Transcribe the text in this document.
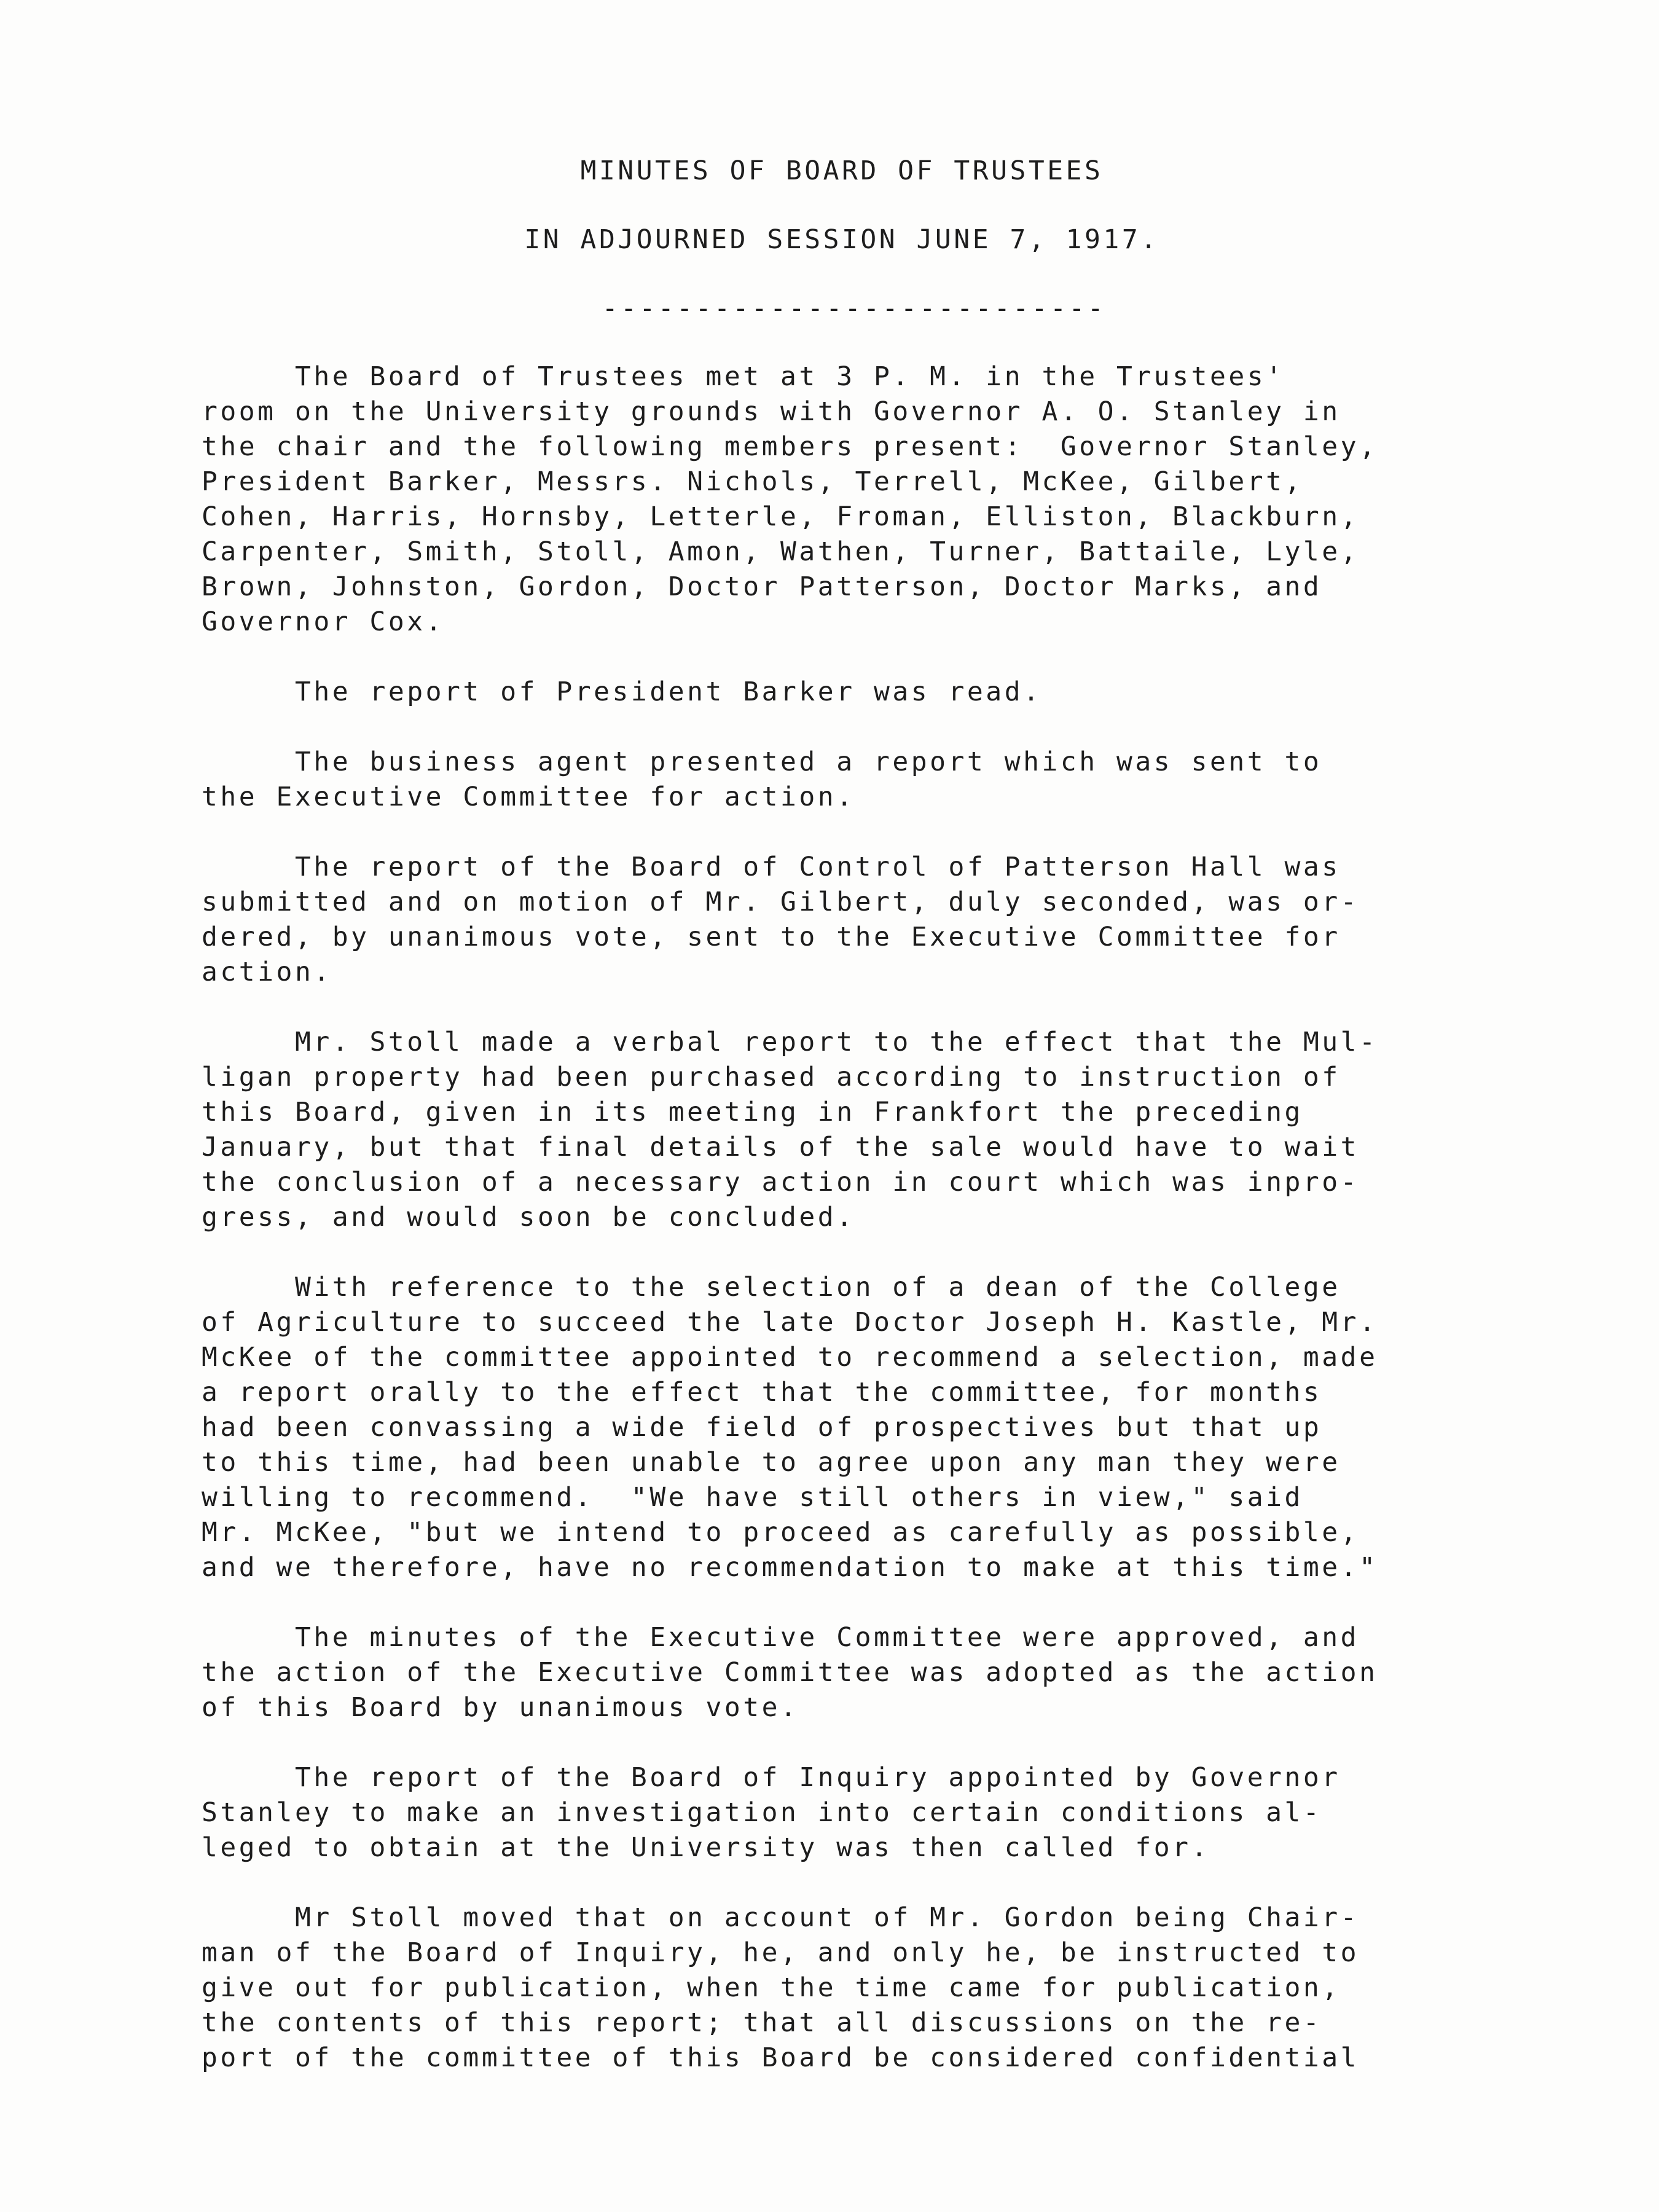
MINUTES OF BOARD OF TRUSTEES
IN ADJOURNED SESSION JUNE 7, 1917.
---------------------------
The Board of Trustees met at 3 P. M. in the Trustees'
room on the University grounds with Governor A. O. Stanley in
the chair and the following members present:  Governor Stanley,
President Barker, Messrs. Nichols, Terrell, McKee, Gilbert,
Cohen, Harris, Hornsby, Letterle, Froman, Elliston, Blackburn,
Carpenter, Smith, Stoll, Amon, Wathen, Turner, Battaile, Lyle,
Brown, Johnston, Gordon, Doctor Patterson, Doctor Marks, and
Governor Cox.
The report of President Barker was read.
The business agent presented a report which was sent to
the Executive Committee for action.
The report of the Board of Control of Patterson Hall was
submitted and on motion of Mr. Gilbert, duly seconded, was or-
dered, by unanimous vote, sent to the Executive Committee for
action.
Mr. Stoll made a verbal report to the effect that the Mul-
ligan property had been purchased according to instruction of
this Board, given in its meeting in Frankfort the preceding
January, but that final details of the sale would have to wait
the conclusion of a necessary action in court which was inpro-
gress, and would soon be concluded.
With reference to the selection of a dean of the College
of Agriculture to succeed the late Doctor Joseph H. Kastle, Mr.
McKee of the committee appointed to recommend a selection, made
a report orally to the effect that the committee, for months
had been convassing a wide field of prospectives but that up
to this time, had been unable to agree upon any man they were
willing to recommend.  "We have still others in view," said
Mr. McKee, "but we intend to proceed as carefully as possible,
and we therefore, have no recommendation to make at this time."
The minutes of the Executive Committee were approved, and
the action of the Executive Committee was adopted as the action
of this Board by unanimous vote.
The report of the Board of Inquiry appointed by Governor
Stanley to make an investigation into certain conditions al-
leged to obtain at the University was then called for.
Mr Stoll moved that on account of Mr. Gordon being Chair-
man of the Board of Inquiry, he, and only he, be instructed to
give out for publication, when the time came for publication,
the contents of this report; that all discussions on the re-
port of the committee of this Board be considered confidential
